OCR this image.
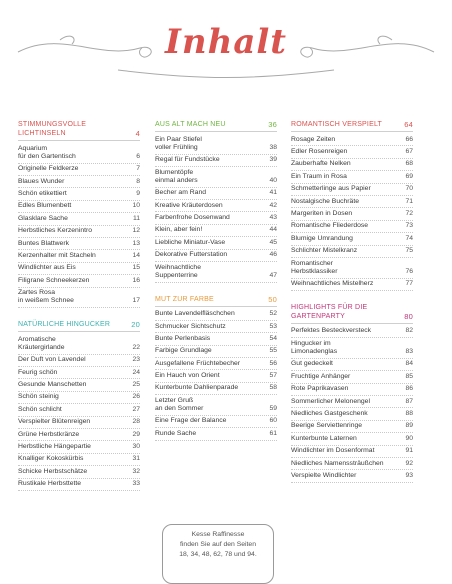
Inhalt
STIMMUNGSVOLLE LICHTINSELN	4
Aquarium
für den Gartentisch	6
Originelle Feldkerze	7
Blaues Wunder	8
Schön etikettiert	9
Edles Blumenbett	10
Glasklare Sache	11
Herbstliches Kerzenintro	12
Buntes Blattwerk	13
Kerzenhalter mit Stacheln	14
Windlichter aus Eis	15
Filigrane Schneekerzen	16
Zartes Rosa
in weißem Schnee	17
NATÜRLICHE HINGUCKER	20
Aromatische
Kräutergirlande	22
Der Duft von Lavendel	23
Feurig schön	24
Gesunde Manschetten	25
Schön steinig	26
Schön schlicht	27
Verspielter Blütenreigen	28
Grüne Herbstkränze	29
Herbstliche Hängepartie	30
Knalliger Kokoskürbis	31
Schicke Herbstschätze	32
Rustikale Herbsttette	33
AUS ALT MACH NEU	36
Ein Paar Stiefel
voller Frühling	38
Regal für Fundstücke	39
Blumentöpfe
einmal anders	40
Becher am Rand	41
Kreative Kräuterdosen	42
Farbenfrohe Dosenwand	43
Klein, aber fein!	44
Liebliche Miniatur-Vase	45
Dekorative Futterstation	46
Weihnachtliche
Suppenterrine	47
MUT ZUR FARBE	50
Bunte Lavendelfläschchen	52
Schmucker Sichtschutz	53
Bunte Perlenbasis	54
Farbige Grundlage	55
Ausgefallene Früchtebecher	56
Ein Hauch von Orient	57
Kunterbunte Dahlienparade	58
Letzter Gruß
an den Sommer	59
Eine Frage der Balance	60
Runde Sache	61
ROMANTISCH VERSPIELT	64
Rosage Zeiten	66
Edler Rosenreigen	67
Zauberhafte Nelken	68
Ein Traum in Rosa	69
Schmetterlinge aus Papier	70
Nostalgische Buchräte	71
Margeriten in Dosen	72
Romantische Fliederdose	73
Blumige Umrandung	74
Schlichter Mistelkranz	75
Romantischer
Herbstklassiker	76
Weihnachtliches Mistelherz	77
HIGHLIGHTS FÜR DIE GARTENPARTY	80
Perfektes Besteckversteck	82
Hingucker im
Limonadenglas	83
Gut gedeckelt	84
Fruchtige Anhänger	85
Rote Paprikavasen	86
Sommerlicher Melonengel	87
Niedliches Gastgeschenk	88
Beerige Serviettenringe	89
Kunterbunte Laternen	90
Windlichter im Dosenformat	91
Niedliches Namenssträußchen	92
Verspielte Windlichter	93
Kesse Raffinesse
finden Sie auf den Seiten
18, 34, 48, 62, 78 und 94.
